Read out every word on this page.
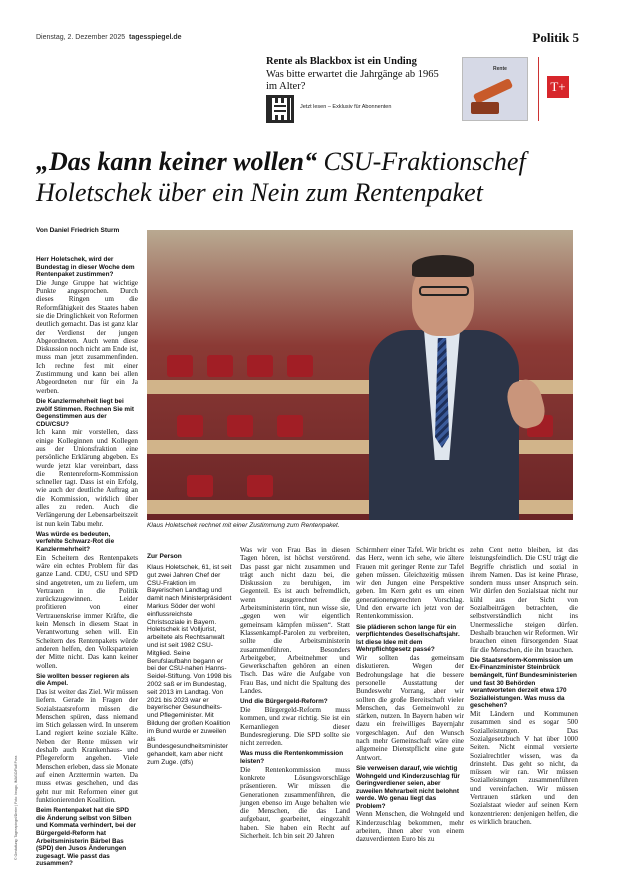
Dienstag, 2. Dezember 2025 tagesspiegel.de	Politik 5
Rente als Blackbox ist ein Unding
Was bitte erwartet die Jahrgänge ab 1965 im Alter?
Jetzt lesen – Exklusiv für Abonnenten
Rente
T+
„Das kann keiner wollen“ CSU-Fraktionschef Holetschek über ein Nein zum Rentenpaket
Von Daniel Friedrich Sturm
Klaus Holetschek rechnet mit einer Zustimmung zum Rentenpaket.

Herr Holetschek, wird der Bundestag in dieser Woche dem Rentenpaket zustimmen?

Die Junge Gruppe hat wichtige Punkte angesprochen. Durch dieses Ringen um die Reformfähigkeit des Staates haben sie die Dringlichkeit von Reformen deutlich gemacht. Das ist ganz klar der Verdienst der jungen Abgeordneten. Auch wenn diese Diskussion noch nicht am Ende ist, muss man jetzt zusammenfinden. Ich rechne fest mit einer Zustimmung und kann bei allen Abgeordneten nur für ein Ja werben.

Die Kanzlermehrheit liegt bei zwölf Stimmen. Rechnen Sie mit Gegenstimmen aus der CDU/CSU?

Ich kann mir vorstellen, dass einige Kolleginnen und Kollegen aus der Unionsfraktion eine persönliche Erklärung abgeben. Es wurde jetzt klar vereinbart, dass die Rentenreform-Kommission schneller tagt. Dass ist ein Erfolg, wie auch der deutliche Auftrag an die Kommission, wirklich über alles zu reden. Auch die Verlängerung der Lebensarbeitszeit ist nun kein Tabu mehr.

Was würde es bedeuten, verfehlte Schwarz-Rot die Kanzlermehrheit?

Ein Scheitern des Rentenpakets wäre ein echtes Problem für das ganze Land. CDU, CSU und SPD sind angetreten, um zu liefern, um Vertrauen in die Politik zurückzugewinnen. Leider profitieren von einer Vertrauenskrise immer Kräfte, die kein Mensch in diesem Staat in Verantwortung sehen will. Ein Scheitern des Rentenpakets würde anderen helfen, den Volksparteien der Mitte nicht. Das kann keiner wollen.

Sie wollten besser regieren als die Ampel.

Das ist weiter das Ziel. Wir müssen liefern. Gerade in Fragen der Sozialstaatsreform müssen die Menschen spüren, dass niemand im Stich gelassen wird. In unserem Land regiert keine soziale Kälte. Neben der Rente müssen wir deshalb auch Krankenhaus- und Pflegereform angehen. Viele Menschen erleben, dass sie Monate auf einen Arzttermin warten. Da muss etwas geschehen, und das geht nur mit Reformen einer gut funktionierenden Koalition.

Beim Rentenpaket hat die SPD die Änderung selbst von Silben und Kommata verhindert, bei der Bürgergeld-Reform hat Arbeitsministerin Bärbel Bas (SPD) den Jusos Änderungen zugesagt. Wie passt das zusammen?

Zur Person

Klaus Holetschek, 61, ist seit gut zwei Jahren Chef der CSU-Fraktion im Bayerischen Landtag und damit nach Ministerpräsident Markus Söder der wohl einflussreichste Christsoziale in Bayern. Holetschek ist Volljurist, arbeitete als Rechtsanwalt und ist seit 1982 CSU-Mitglied. Seine Berufslaufbahn begann er bei der CSU-nahen Hanns-Seidel-Stiftung. Von 1998 bis 2002 saß er im Bundestag, seit 2013 im Landtag. Von 2021 bis 2023 war er bayerischer Gesundheits- und Pflegeminister. Mit Bildung der großen Koalition im Bund wurde er zuweilen als Bundesgesundheitsminister gehandelt, kam aber nicht zum Zuge. (dfs)

Was wir von Frau Bas in diesen Tagen hören, ist höchst verstörend. Das passt gar nicht zusammen und trägt auch nicht dazu bei, die Diskussion zu beruhigen, im Gegenteil. Es ist auch befremdlich, wenn ausgerechnet die Arbeitsministerin tönt, nun wisse sie, „gegen wen wir eigentlich gemeinsam kämpfen müssen“. Statt Klassenkampf-Parolen zu verbreiten, sollte die Arbeitsministerin zusammenführen. Besonders Arbeitgeber, Arbeitnehmer und Gewerkschaften gehören an einen Tisch. Das wäre die Aufgabe von Frau Bas, und nicht die Spaltung des Landes.

Und die Bürgergeld-Reform?

Die Bürgergeld-Reform muss kommen, und zwar richtig. Sie ist ein Kernanliegen dieser Bundesregierung. Die SPD sollte sie nicht zerreden.

Was muss die Rentenkommission leisten?

Die Rentenkommission muss konkrete Lösungsvorschläge präsentieren. Wir müssen die Generationen zusammenführen, die jungen ebenso im Auge behalten wie die Menschen, die das Land aufgebaut, gearbeitet, eingezahlt haben. Sie haben ein Recht auf Sicherheit. Ich bin seit 20 Jahren

Schirmherr einer Tafel. Wir bricht es das Herz, wenn ich sehe, wie ältere Frauen mit geringer Rente zur Tafel gehen müssen. Gleichzeitig müssen wir den Jungen eine Perspektive geben. Im Kern geht es um einen generationengerechten Vorschlag. Und den erwarte ich jetzt von der Rentenkommission.

Sie plädieren schon lange für ein verpflichtendes Gesellschaftsjahr. Ist diese Idee mit dem Wehrpflichtgesetz passé?

Wir sollten das gemeinsam diskutieren. Wegen der Bedrohungslage hat die bessere personelle Ausstattung der Bundeswehr Vorrang, aber wir sollten die große Bereitschaft vieler Menschen, das Gemeinwohl zu stärken, nutzen. In Bayern haben wir dazu ein freiwilliges Bayernjahr vorgeschlagen. Auf den Wunsch nach mehr Gemeinschaft wäre eine allgemeine Dienstpflicht eine gute Antwort.

Sie verweisen darauf, wie wichtig Wohngeld und Kinderzuschlag für Geringverdiener seien, aber zuweilen Mehrarbeit nicht belohnt werde. Wo genau liegt das Problem?

Wenn Menschen, die Wohngeld und Kinderzuschlag bekommen, mehr arbeiten, ihnen aber von einem dazuverdienten Euro bis zu

zehn Cent netto bleiben, ist das leistungsfeindlich. Die CSU trägt die Begriffe christlich und sozial in ihrem Namen. Das ist keine Phrase, sondern muss unser Anspruch sein. Wir dürfen den Sozialstaat nicht nur kühl aus der Sicht von Sozialbeiträgen betrachten, die selbstverständlich nicht ins Unermessliche steigen dürfen. Deshalb brauchen wir Reformen. Wir brauchen einen fürsorgenden Staat für die Menschen, die ihn brauchen.

Die Staatsreform-Kommission um Ex-Finanzminister Steinbrück bemängelt, fünf Bundesministerien und fast 30 Behörden verantworteten derzeit etwa 170 Sozialleistungen. Was muss da geschehen?

Mit Ländern und Kommunen zusammen sind es sogar 500 Sozialleistungen. Das Sozialgesetzbuch V hat über 1000 Seiten. Nicht einmal versierte Sozialrechtler wissen, was da drinsteht. Das geht so nicht, da müssen wir ran. Wir müssen Sozialleistungen zusammenführen und vereinfachen. Wir müssen Vertrauen stärken und den Sozialstaat wieder auf seinen Kern konzentrieren: denjenigen helfen, die es wirklich brauchen.

© Gestaltung: Tagesspiegel/Dreier | Foto: Imago, IMAGO/Ralf Poss
